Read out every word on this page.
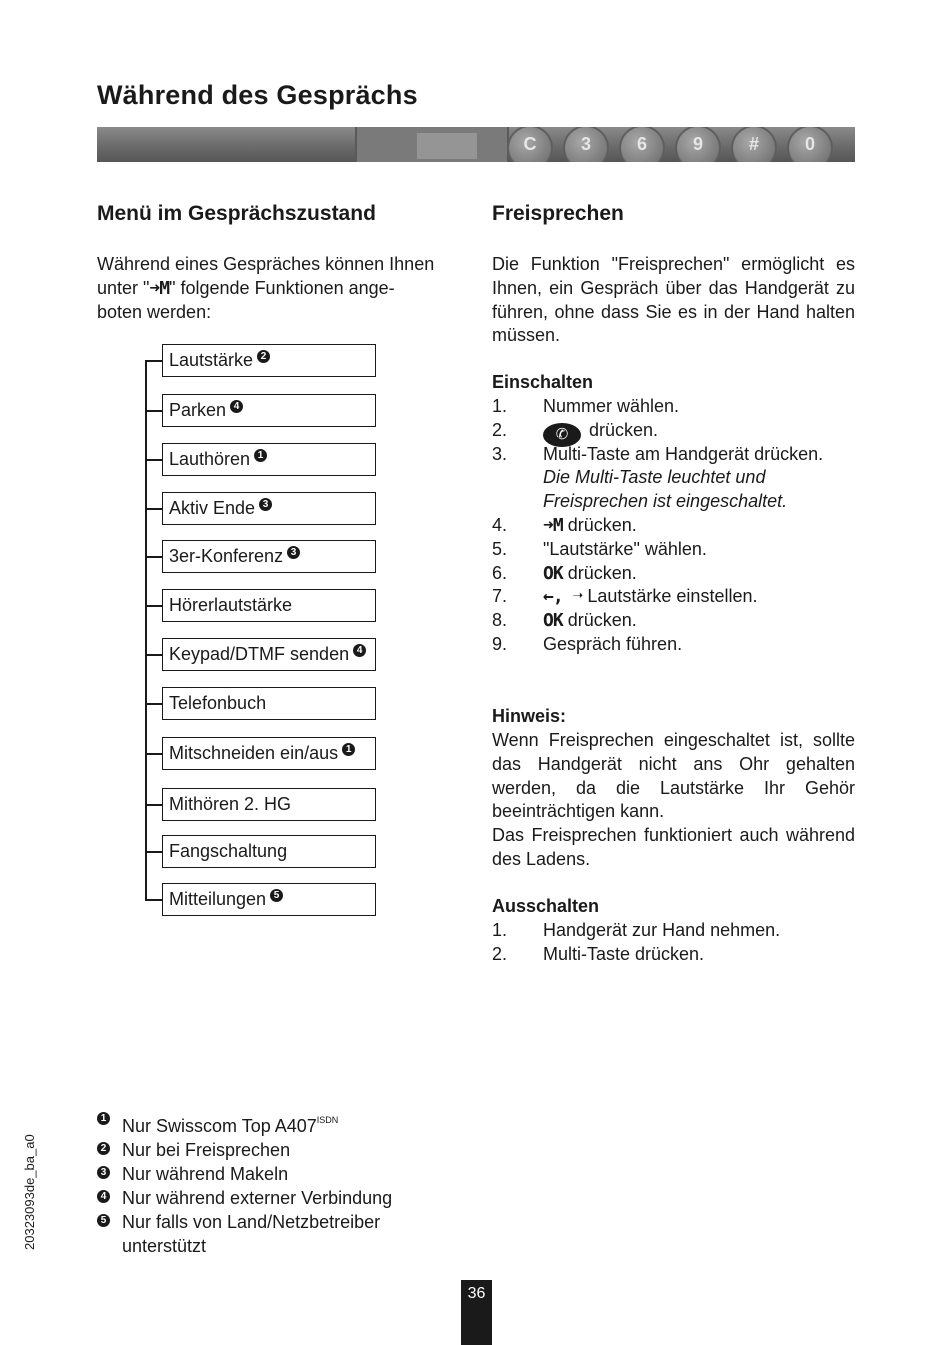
Während des Gesprächs
C	3	6	9	#	0
Menü im Gesprächszustand
Während eines Gespräches können Ihnen
unter "➜M" folgende Funktionen ange-
boten werden:
Lautstärke 2
Parken 4
Lauthören 1
Aktiv Ende 3
3er-Konferenz 3
Hörerlautstärke
Keypad/DTMF senden 4
Telefonbuch
Mitschneiden ein/aus 1
Mithören 2. HG
Fangschaltung
Mitteilungen 5
Freisprechen
Die Funktion "Freisprechen" ermöglicht es Ihnen, ein Gespräch über das Handgerät zu führen, ohne dass Sie es in der Hand halten müssen.
Einschalten
1. Nummer wählen.
2.	✆ drücken.
3. Multi-Taste am Handgerät drücken.
Die Multi-Taste leuchtet und Freisprechen ist eingeschaltet.
4. ➜M drücken.
5. "Lautstärke" wählen.
6. OK drücken.
7. ←, ➝ Lautstärke einstellen.
8. OK drücken.
9. Gespräch führen.
Hinweis:
Wenn Freisprechen eingeschaltet ist, sollte das Handgerät nicht ans Ohr gehalten werden, da die Lautstärke Ihr Gehör beeinträchtigen kann.
Das Freisprechen funktioniert auch während des Ladens.
Ausschalten
1. Handgerät zur Hand nehmen.
2. Multi-Taste drücken.
1 Nur Swisscom Top $A407^{ISDN}$
2 Nur bei Freisprechen
3 Nur während Makeln
4 Nur während externer Verbindung
5 Nur falls von Land/Netzbetreiber
unterstützt
20323093de_ba_a0
36
